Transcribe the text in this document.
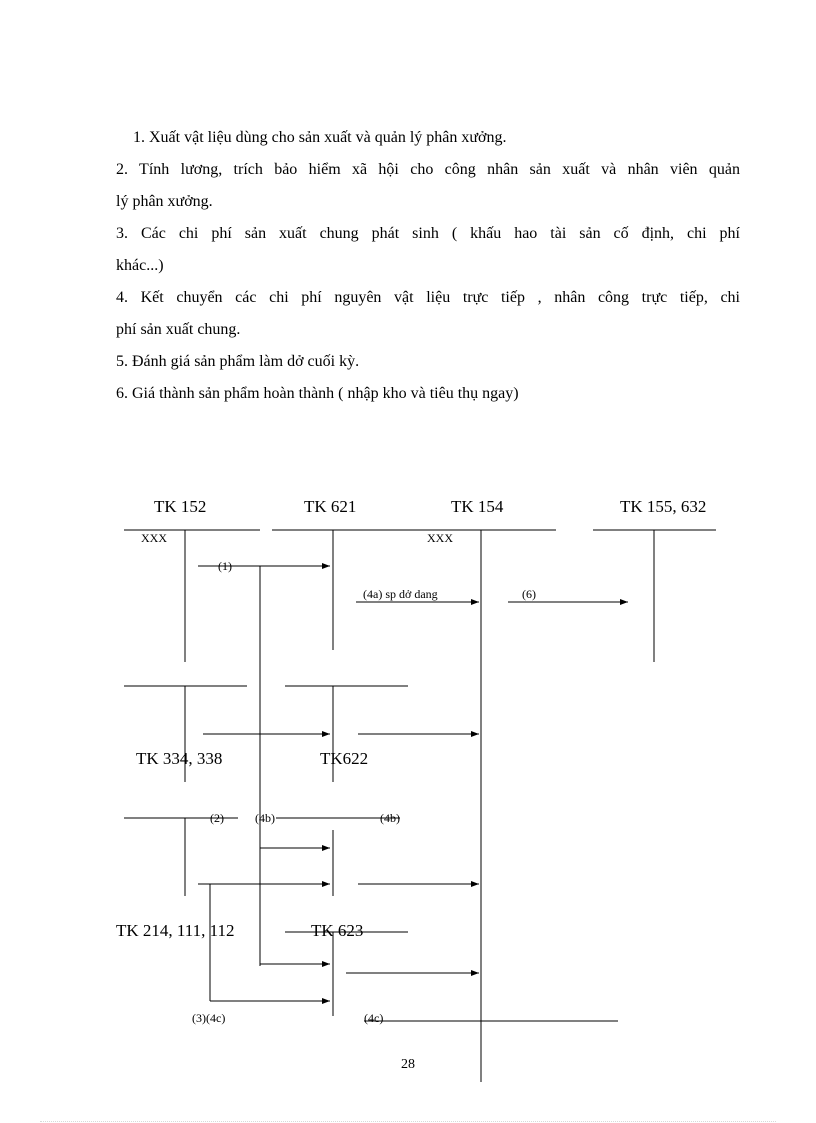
1. Xuất vật liệu dùng cho sản xuất và quản lý phân xưởng.
2. Tính lương, trích bảo hiểm xã hội cho công nhân sản xuất và nhân viên quản
lý phân xưởng.
3. Các chi phí sản xuất chung phát sinh ( khấu hao tài sản cố định, chi phí
khác...)
4. Kết chuyển các chi phí nguyên vật liệu trực tiếp , nhân công trực tiếp, chi
phí sản xuất chung.
5. Đánh giá sản phẩm làm dở cuối kỳ.
6. Giá thành sản phẩm hoàn thành ( nhập kho và tiêu thụ ngay)
TK 152	TK 621	TK 154	TK 155, 632
XXX	XXX
(1)
(4a) sp dở dang	(6)
TK 334, 338	TK622
(2)	(4b)	(4b)
TK 214, 111, 112	TK 623
(3)(4c)	(4c)
28
